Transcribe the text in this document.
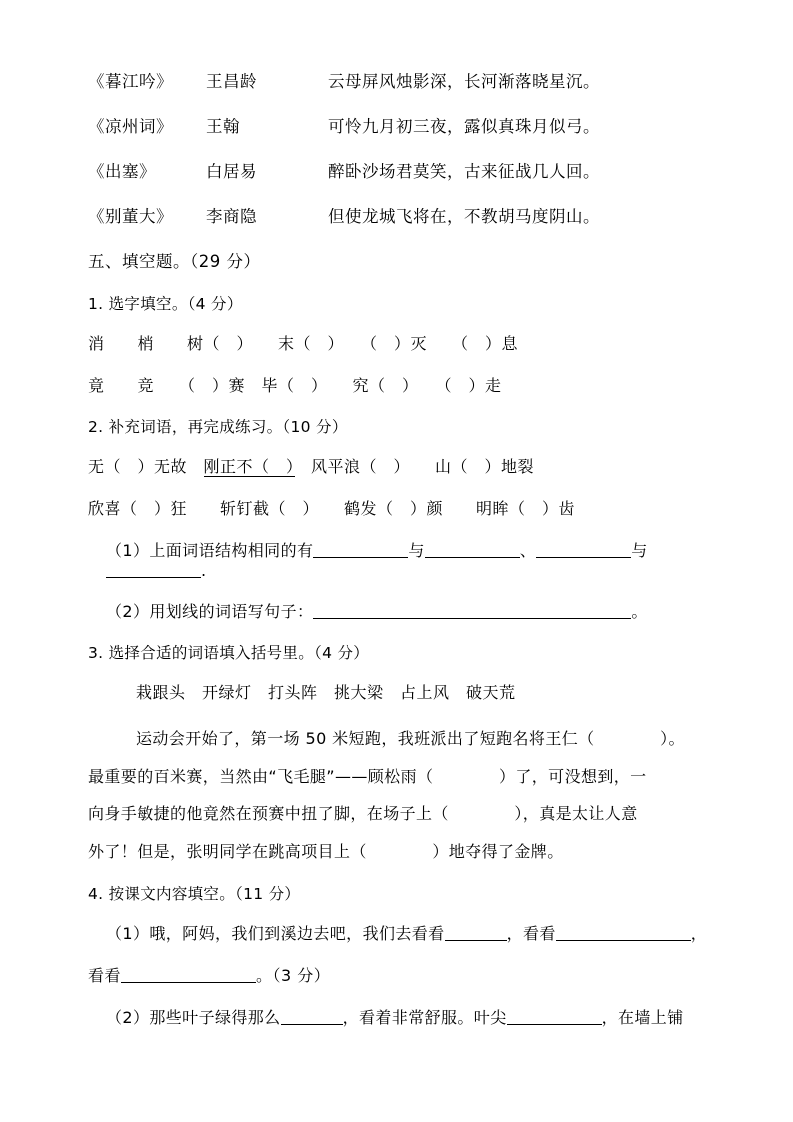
《暮江吟》	王昌龄	云母屏风烛影深，长河渐落晓星沉。
《凉州词》	王翰	可怜九月初三夜，露似真珠月似弓。
《出塞》	白居易	醉卧沙场君莫笑，古来征战几人回。
《别董大》	李商隐	但使龙城飞将在，不教胡马度阴山。
五、填空题。（29 分）
1. 选字填空。（4 分）
消　　梢　　树（　）　　末（　）　　（　）灭　　（　）息
竟　　竞　　（　）赛　毕（　）　　究（　）　　（　）走
2. 补充词语，再完成练习。（10 分）
无（　）无故　刚正不（　）　风平浪（　）　　山（　）地裂
欣喜（　）狂　　斩钉截（　）　　鹤发（　）颜　　明眸（　）齿
（1）上面词语结构相同的有	与	、	与.
（2）用划线的词语写句子：	。
3. 选择合适的词语填入括号里。（4 分）
栽跟头　开绿灯　打头阵　挑大梁　占上风　破天荒
运动会开始了，第一场 50 米短跑，我班派出了短跑名将王仁（　　　　）。
最重要的百米赛，当然由“飞毛腿”——顾松雨（　　　　）了，可没想到，一
向身手敏捷的他竟然在预赛中扭了脚，在场子上（　　　　），真是太让人意
外了！但是，张明同学在跳高项目上（　　　　）地夺得了金牌。
4. 按课文内容填空。（11 分）
（1）哦，阿妈，我们到溪边去吧，我们去看看	，看看	，
看看	。（3 分）
（2）那些叶子绿得那么	，看着非常舒服。叶尖	，在墙上铺
